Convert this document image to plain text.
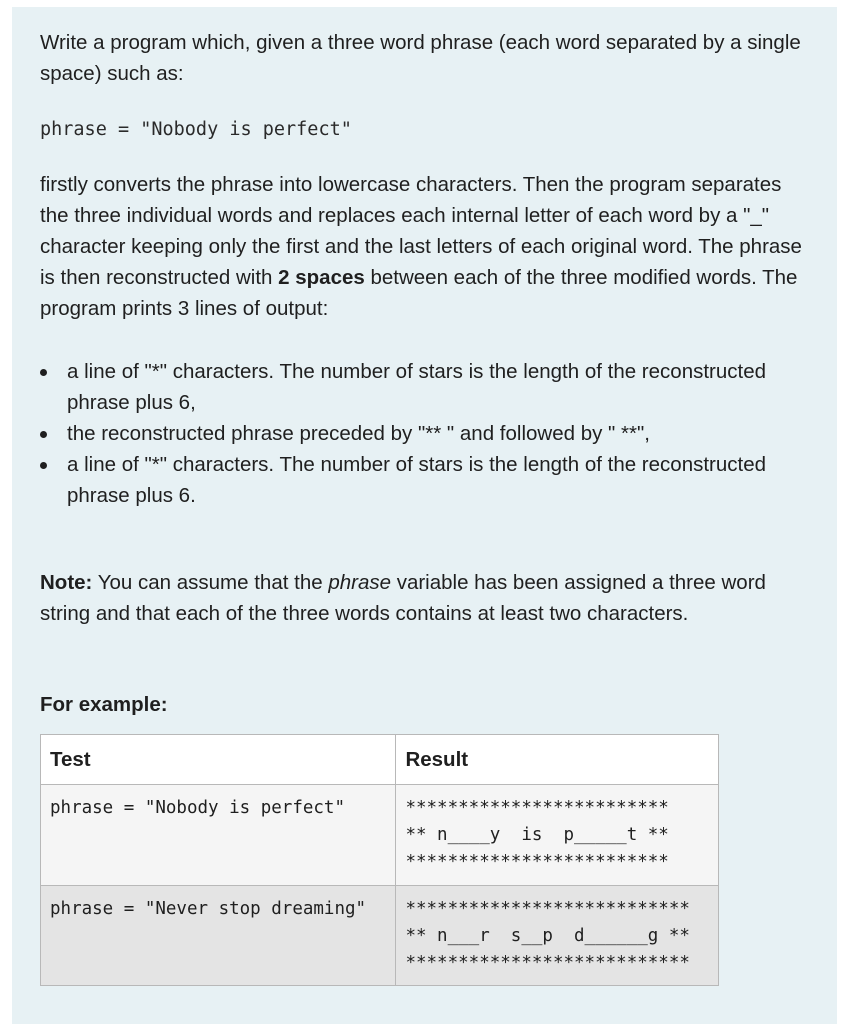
Write a program which, given a three word phrase (each word separated by a single space) such as:

phrase = "Nobody is perfect"

firstly converts the phrase into lowercase characters. Then the program separates the three individual words and replaces each internal letter of each word by a "_" character keeping only the first and the last letters of each original word. The phrase is then reconstructed with 2 spaces between each of the three modified words. The program prints 3 lines of output:

a line of "*" characters. The number of stars is the length of the reconstructed phrase plus 6,
the reconstructed phrase preceded by "** " and followed by " **",
a line of "*" characters. The number of stars is the length of the reconstructed phrase plus 6.

Note: You can assume that the phrase variable has been assigned a three word string and that each of the three words contains at least two characters.

For example:
Test	Result
phrase = "Nobody is perfect"	*************************
** n____y  is  p_____t **
*************************
phrase = "Never stop dreaming"	***************************
** n___r  s__p  d______g **
***************************
